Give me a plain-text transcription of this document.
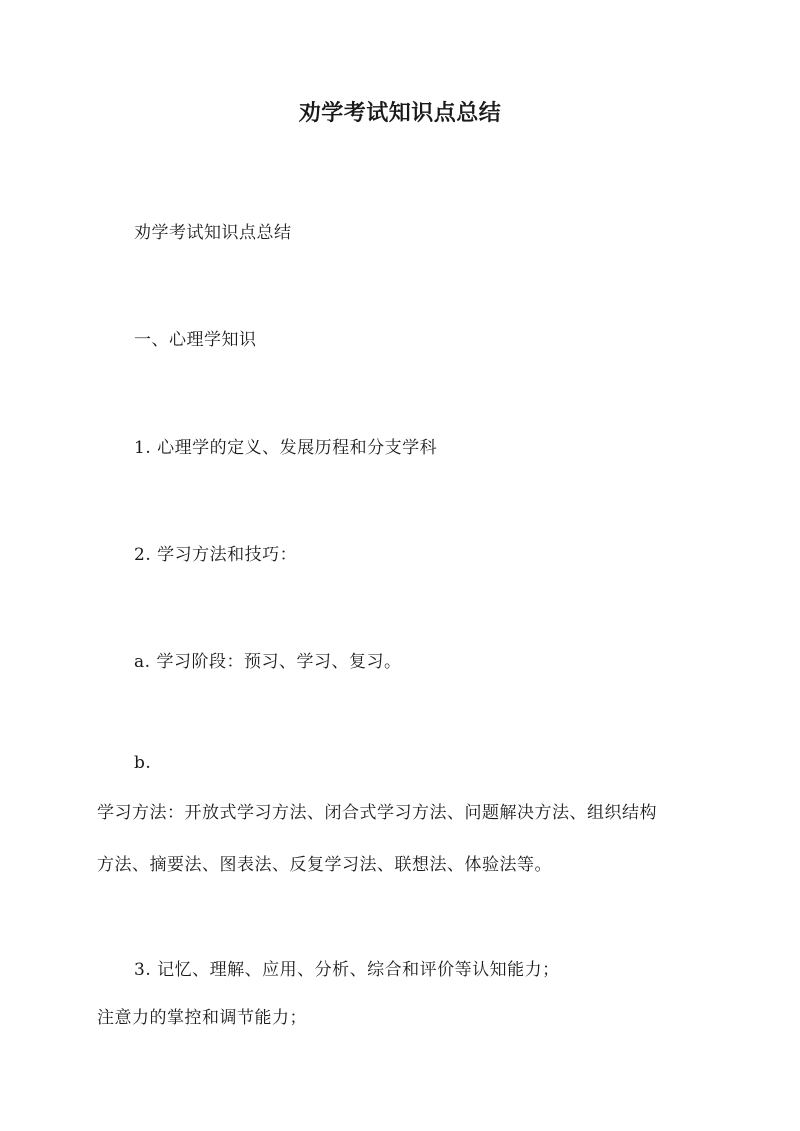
劝学考试知识点总结
劝学考试知识点总结
一、心理学知识
1. 心理学的定义、发展历程和分支学科
2. 学习方法和技巧：
a. 学习阶段：预习、学习、复习。
b.
学习方法：开放式学习方法、闭合式学习方法、问题解决方法、组织结构
方法、摘要法、图表法、反复学习法、联想法、体验法等。
3. 记忆、理解、应用、分析、综合和评价等认知能力；
注意力的掌控和调节能力；
